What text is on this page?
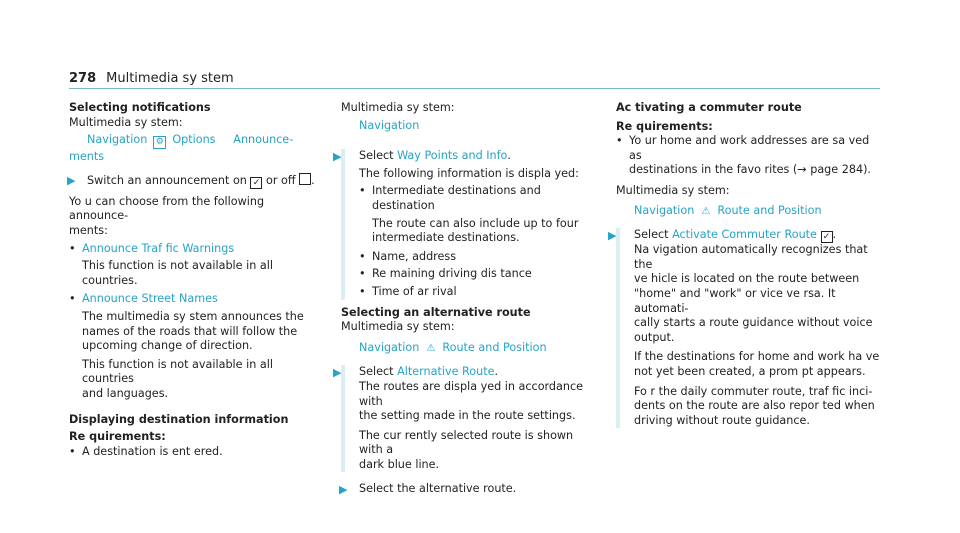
278 Multimedia sy stem
Selecting notifications
Multimedia sy stem:
Navigation ⚙ Options Announce-
ments
▶ Switch an announcement on ✓ or off .
Yo u can choose from the following announce-
ments:
• Announce Traf fic Warnings
This function is not available in all countries.
• Announce Street Names
The multimedia sy stem announces the
names of the roads that will follow the
upcoming change of direction.
This function is not available in all countries
and languages.
Displaying destination information
Re quirements:
• A destination is ent ered.
Multimedia sy stem:
Navigation
▶ Select Way Points and Info.
The following information is displa yed:
• Intermediate destinations and destination
The route can also include up to four
intermediate destinations.
• Name, address
• Re maining driving dis tance
• Time of ar rival
Selecting an alternative route
Multimedia sy stem:
Navigation ⚠ Route and Position
▶ Select Alternative Route.
The routes are displa yed in accordance with
the setting made in the route settings.
The cur rently selected route is shown with a
dark blue line.
▶ Select the alternative route.
Ac tivating a commuter route
Re quirements:
• Yo ur home and work addresses are sa ved as
destinations in the favo rites (→ page 284).
Multimedia sy stem:
Navigation ⚠ Route and Position
▶ Select Activate Commuter Route ✓ .
Na vigation automatically recognizes that the
ve hicle is located on the route between
"home" and "work" or vice ve rsa. It automati-
cally starts a route guidance without voice
output.
If the destinations for home and work ha ve
not yet been created, a prom pt appears.
Fo r the daily commuter route, traf fic inci-
dents on the route are also repor ted when
driving without route guidance.
